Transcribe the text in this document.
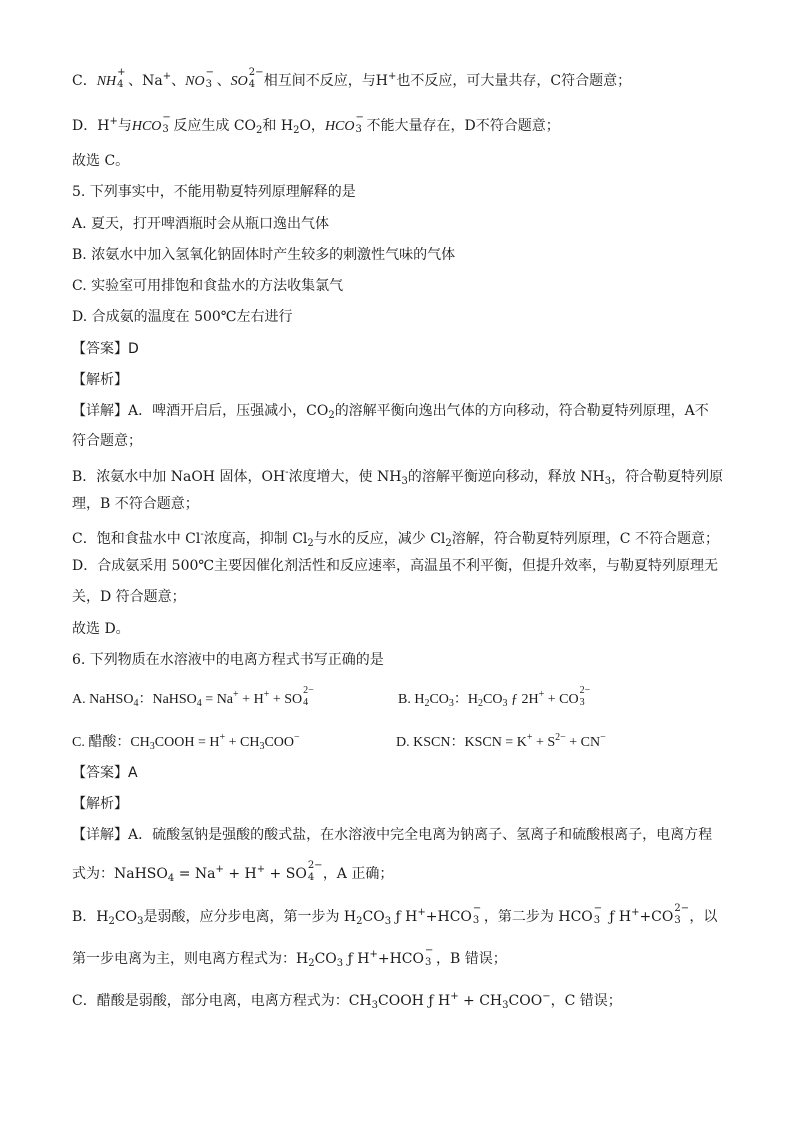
C．NH
+
4 、Na+、NO
−
3 、SO
2−
4 相互间不反应，与H+也不反应，可大量共存，C符合题意；
D．H+与HCO
−
3 反应生成 $CO_2$和 $H_2O$，HCO
−
3 不能大量存在，D不符合题意；
故选 C。
5. 下列事实中，不能用勒夏特列原理解释的是
A. 夏天，打开啤酒瓶时会从瓶口逸出气体
B. 浓氨水中加入氢氧化钠固体时产生较多的刺激性气味的气体
C. 实验室可用排饱和食盐水的方法收集氯气
D. 合成氨的温度在 500℃左右进行
【答案】D
【解析】
【详解】A．啤酒开启后，压强减小，$CO_2$的溶解平衡向逸出气体的方向移动，符合勒夏特列原理，A不
符合题意；
B．浓氨水中加 NaOH 固体，OH-浓度增大，使 $NH_3$的溶解平衡逆向移动，释放 $NH_3$，符合勒夏特列原
理，B 不符合题意；
C．饱和食盐水中 Cl-浓度高，抑制 $Cl_2$与水的反应，减少 $Cl_2$溶解，符合勒夏特列原理，C 不符合题意；
D．合成氨采用 500℃主要因催化剂活性和反应速率，高温虽不利平衡，但提升效率，与勒夏特列原理无
关，D 符合题意；
故选 D。
6. 下列物质在水溶液中的电离方程式书写正确的是
A. NaHSO$_4$：NaHSO$_4$ = Na+ + H+ + SO
2−
4	B. $H_2CO_3$：$H_2CO_3$ ƒ 2H+ + CO
2−
3
C. 醋酸：$CH_3COOH = H^+ + CH_3COO^-$	D. KSCN：KSCN = $K^+ + S^{2-} + CN^-$
【答案】A
【解析】
【详解】A．硫酸氢钠是强酸的酸式盐，在水溶液中完全电离为钠离子、氢离子和硫酸根离子，电离方程
式为：NaHSO$_4$ = Na+ + H+ + SO
2−
4 ，A 正确；
B．$H_2CO_3$是弱酸，应分步电离，第一步为 $H_2CO_3$ ƒ H++HCO
−
3 ，第二步为 HCO
−
3 ƒ H++CO
2−
3 ，以
第一步电离为主，则电离方程式为：$H_2CO_3$ ƒ H++HCO
−
3 ，B 错误；
C．醋酸是弱酸，部分电离，电离方程式为：$CH_3COOH$ ƒ $H^+ + CH_3COO^-$，C 错误；
